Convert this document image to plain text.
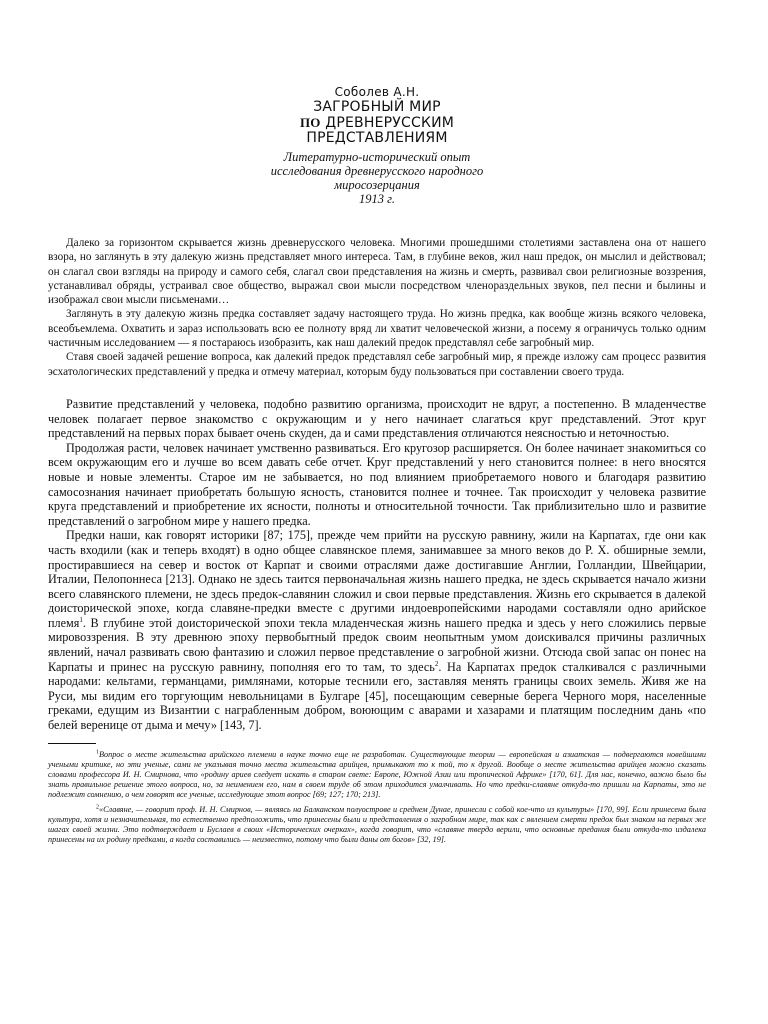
Соболев А.Н.
ЗАГРОБНЫЙ МИР
ПО ДРЕВНЕРУССКИМ
ПРЕДСТАВЛЕНИЯМ
Литературно-исторический опыт
исследования древнерусского народного
миросозерцания
1913 г.

Далеко за горизонтом скрывается жизнь древнерусского человека. Многими прошедшими столетиями заставлена она от нашего взора, но заглянуть в эту далекую жизнь представляет много интереса. Там, в глубине веков, жил наш предок, он мыслил и действовал; он слагал свои взгляды на природу и самого себя, слагал свои представления на жизнь и смерть, развивал свои религиозные воззрения, устанавливал обряды, устраивал свое общество, выражал свои мысли посредством членораздельных звуков, пел песни и былины и изображал свои мысли письменами…

Заглянуть в эту далекую жизнь предка составляет задачу настоящего труда. Но жизнь предка, как вообще жизнь всякого человека, всеобъемлема. Охватить и зараз использовать всю ее полноту вряд ли хватит человеческой жизни, а посему я ограничусь только одним частичным исследованием — я постараюсь изобразить, как наш далекий предок представлял себе загробный мир.

Ставя своей задачей решение вопроса, как далекий предок представлял себе загробный мир, я прежде изложу сам процесс развития эсхатологических представлений у предка и отмечу материал, которым буду пользоваться при составлении своего труда.

Развитие представлений у человека, подобно развитию организма, происходит не вдруг, а постепенно. В младенчестве человек полагает первое знакомство с окружающим и у него начинает слагаться круг представлений. Этот круг представлений на первых порах бывает очень скуден, да и сами представления отличаются неясностью и неточностью.

Продолжая расти, человек начинает умственно развиваться. Его кругозор расширяется. Он более начинает знакомиться со всем окружающим его и лучше во всем давать себе отчет. Круг представлений у него становится полнее: в него вносятся новые и новые элементы. Старое им не забывается, но под влиянием приобретаемого нового и благодаря развитию самосознания начинает приобретать большую ясность, становится полнее и точнее. Так происходит у человека развитие круга представлений и приобретение их ясности, полноты и относительной точности. Так приблизительно шло и развитие представлений о загробном мире у нашего предка.

Предки наши, как говорят историки [87; 175], прежде чем прийти на русскую равнину, жили на Карпатах, где они как часть входили (как и теперь входят) в одно общее славянское племя, занимавшее за много веков до Р. Х. обширные земли, простиравшиеся на север и восток от Карпат и своими отраслями даже достигавшие Англии, Голландии, Швейцарии, Италии, Пелопоннеса [213]. Однако не здесь таится первоначальная жизнь нашего предка, не здесь скрывается начало жизни всего славянского племени, не здесь предок-славянин сложил и свои первые представления. Жизнь его скрывается в далекой доисторической эпохе, когда славяне-предки вместе с другими индоевропейскими народами составляли одно арийское племя$^1$. В глубине этой доисторической эпохи текла младенческая жизнь нашего предка и здесь у него сложились первые мировоззрения. В эту древнюю эпоху первобытный предок своим неопытным умом доискивался причины различных явлений, начал развивать свою фантазию и сложил первое представление о загробной жизни. Отсюда свой запас он понес на Карпаты и принес на русскую равнину, пополняя его то там, то здесь$^2$. На Карпатах предок сталкивался с различными народами: кельтами, германцами, римлянами, которые теснили его, заставляя менять границы своих земель. Живя же на Руси, мы видим его торгующим невольницами в Булгаре [45], посещающим северные берега Черного моря, населенные греками, едущим из Византии с награбленным добром, воюющим с аварами и хазарами и платящим последним дань «по белей веренице от дыма и мечу» [143, 7].

$^1$Вопрос о месте жительства арийского племени в науке точно еще не разработан. Существующие теории — европейская и азиатская — подвергаются новейшими учеными критике, но эти ученые, сами не указывая точно места жительства арийцев, примыкают то к той, то к другой. Вообще о месте жительства арийцев можно сказать словами профессора И. Н. Смирнова, что «родину ариев следует искать в старом свете: Европе, Южной Азии или тропической Африке» [170, 61]. Для нас, конечно, важно было бы знать правильное решение этого вопроса, но, за неимением его, нам в своем труде об этом приходится умалчивать. Но что предки-славяне откуда-то пришли на Карпаты, это не подлежит сомнению, о чем говорят все ученые, исследующие этот вопрос [69; 127; 170; 213].

$^2$«Славяне, — говорит проф. И. Н. Смирнов, — являясь на Балканском полуострове и среднем Дунае, принесли с собой кое-что из культуры» [170, 99]. Если принесена была культура, хотя и незначительная, то естественно предположить, что принесены были и представления о загробном мире, так как с явлением смерти предок был знаком на первых же шагах своей жизни. Это подтверждает и Буслаев в своих «Исторических очерках», когда говорит, что «славяне твердо верили, что основные предания были откуда-то издалека принесены на их родину предками, а когда составились — неизвестно, потому что были даны от богов» [32, 19].
